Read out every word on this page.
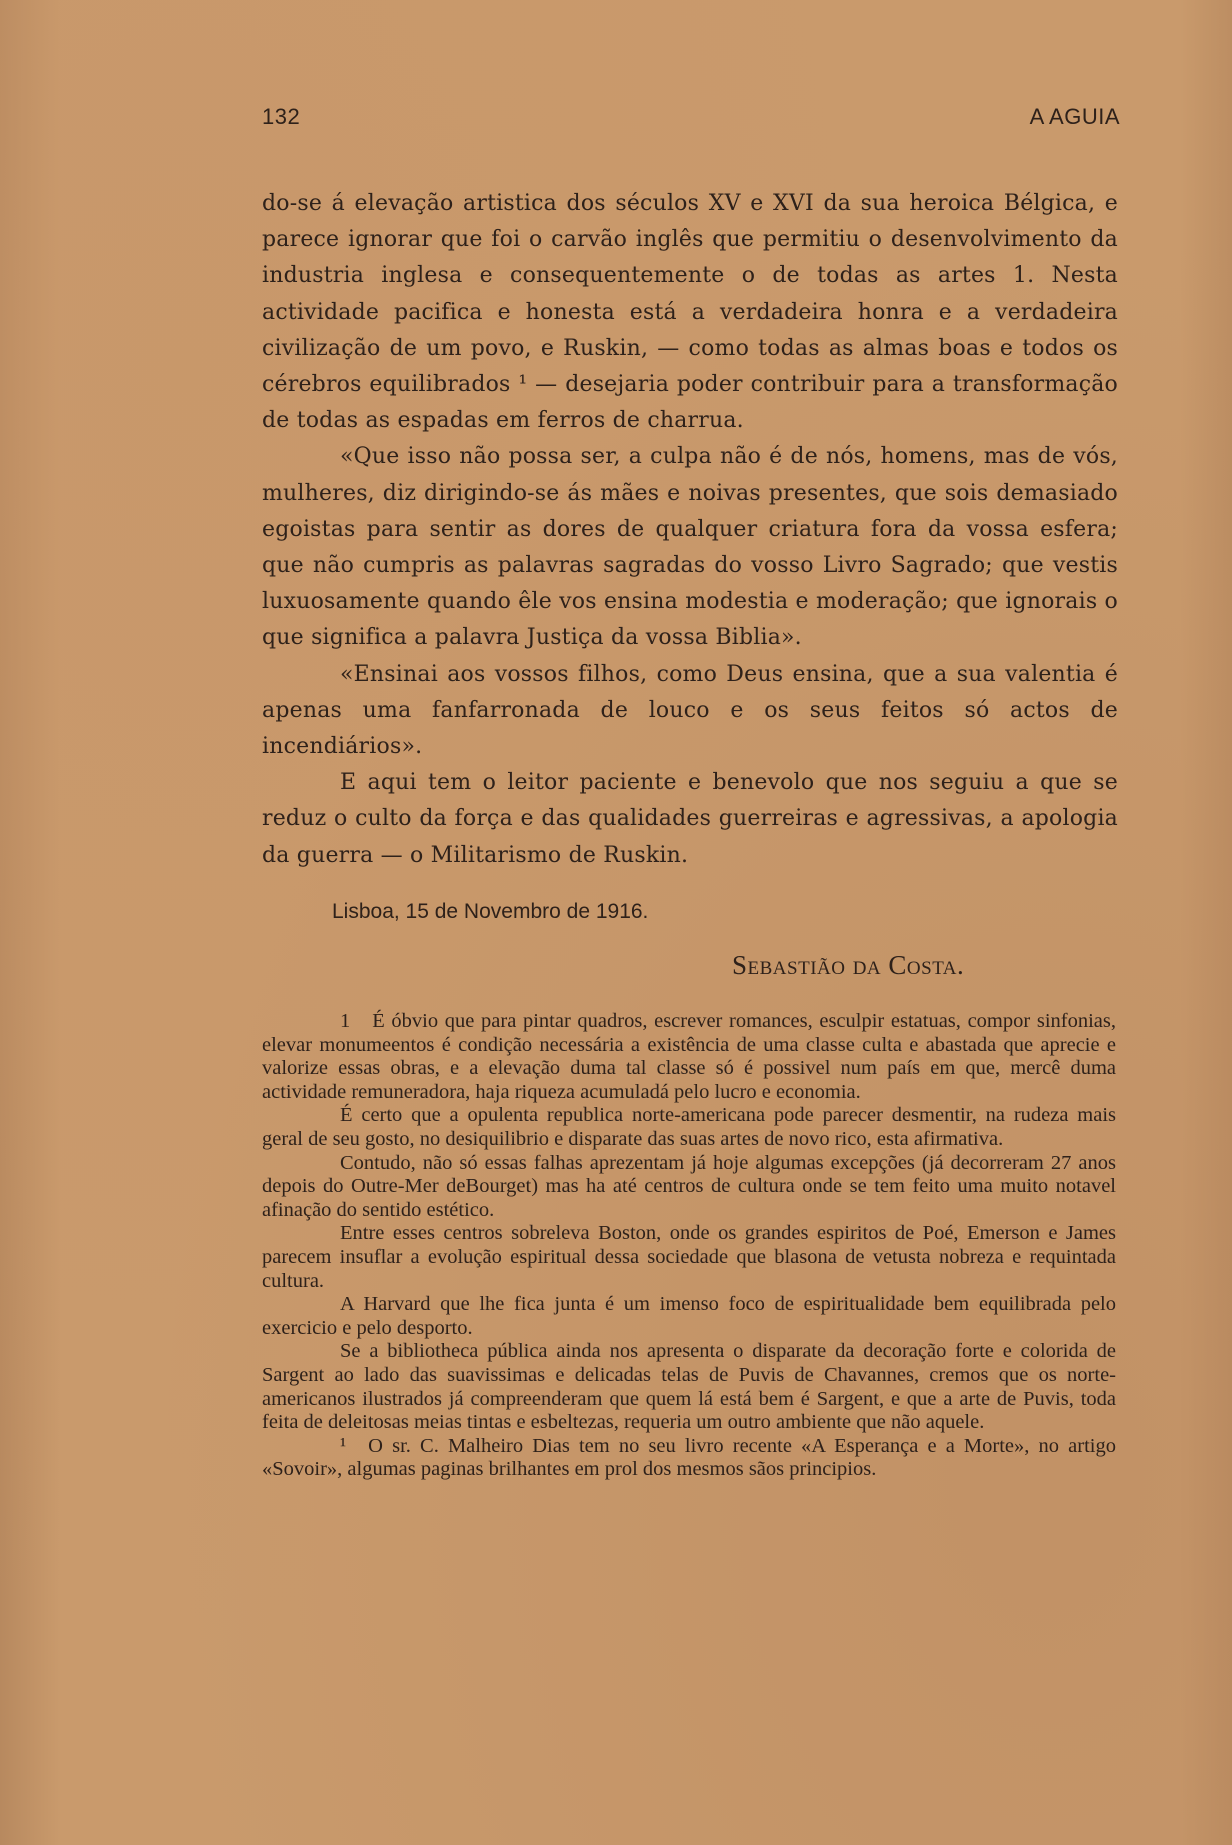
132	A AGUIA

do-se á elevação artistica dos séculos XV e XVI da sua heroica Bélgica, e parece ignorar que foi o carvão inglês que permitiu o desenvolvimento da industria inglesa e consequentemente o de todas as artes 1. Nesta actividade pacifica e honesta está a verdadeira honra e a verdadeira civilização de um povo, e Ruskin, — como todas as almas boas e todos os cérebros equilibrados ¹ — desejaria poder contribuir para a transformação de todas as espadas em ferros de charrua.

«Que isso não possa ser, a culpa não é de nós, homens, mas de vós, mulheres, diz dirigindo-se ás mães e noivas presentes, que sois demasiado egoistas para sentir as dores de qualquer criatura fora da vossa esfera; que não cumpris as palavras sagradas do vosso Livro Sagrado; que vestis luxuosamente quando êle vos ensina modestia e moderação; que ignorais o que significa a palavra Justiça da vossa Biblia».

«Ensinai aos vossos filhos, como Deus ensina, que a sua valentia é apenas uma fanfarronada de louco e os seus feitos só actos de incendiários».

E aqui tem o leitor paciente e benevolo que nos seguiu a que se reduz o culto da força e das qualidades guerreiras e agressivas, a apologia da guerra — o Militarismo de Ruskin.

Lisboa, 15 de Novembro de 1916.
Sebastião da Costa.

1 É óbvio que para pintar quadros, escrever romances, esculpir estatuas, compor sinfonias, elevar monumeentos é condição necessária a existência de uma classe culta e abastada que aprecie e valorize essas obras, e a elevação duma tal classe só é possivel num país em que, mercê duma actividade remuneradora, haja riqueza acumuladá pelo lucro e economia.

É certo que a opulenta republica norte-americana pode parecer desmentir, na rudeza mais geral de seu gosto, no desiquilibrio e disparate das suas artes de novo rico, esta afirmativa.

Contudo, não só essas falhas aprezentam já hoje algumas excepções (já decorreram 27 anos depois do Outre-Mer deBourget) mas ha até centros de cultura onde se tem feito uma muito notavel afinação do sentido estético.

Entre esses centros sobreleva Boston, onde os grandes espiritos de Poé, Emerson e James parecem insuflar a evolução espiritual dessa sociedade que blasona de vetusta nobreza e requintada cultura.

A Harvard que lhe fica junta é um imenso foco de espiritualidade bem equilibrada pelo exercicio e pelo desporto.

Se a bibliotheca pública ainda nos apresenta o disparate da decoração forte e colorida de Sargent ao lado das suavissimas e delicadas telas de Puvis de Chavannes, cremos que os norte-americanos ilustrados já compreenderam que quem lá está bem é Sargent, e que a arte de Puvis, toda feita de deleitosas meias tintas e esbeltezas, requeria um outro ambiente que não aquele.

¹ O sr. C. Malheiro Dias tem no seu livro recente «A Esperança e a Morte», no artigo «Sovoir», algumas paginas brilhantes em prol dos mesmos sãos principios.
